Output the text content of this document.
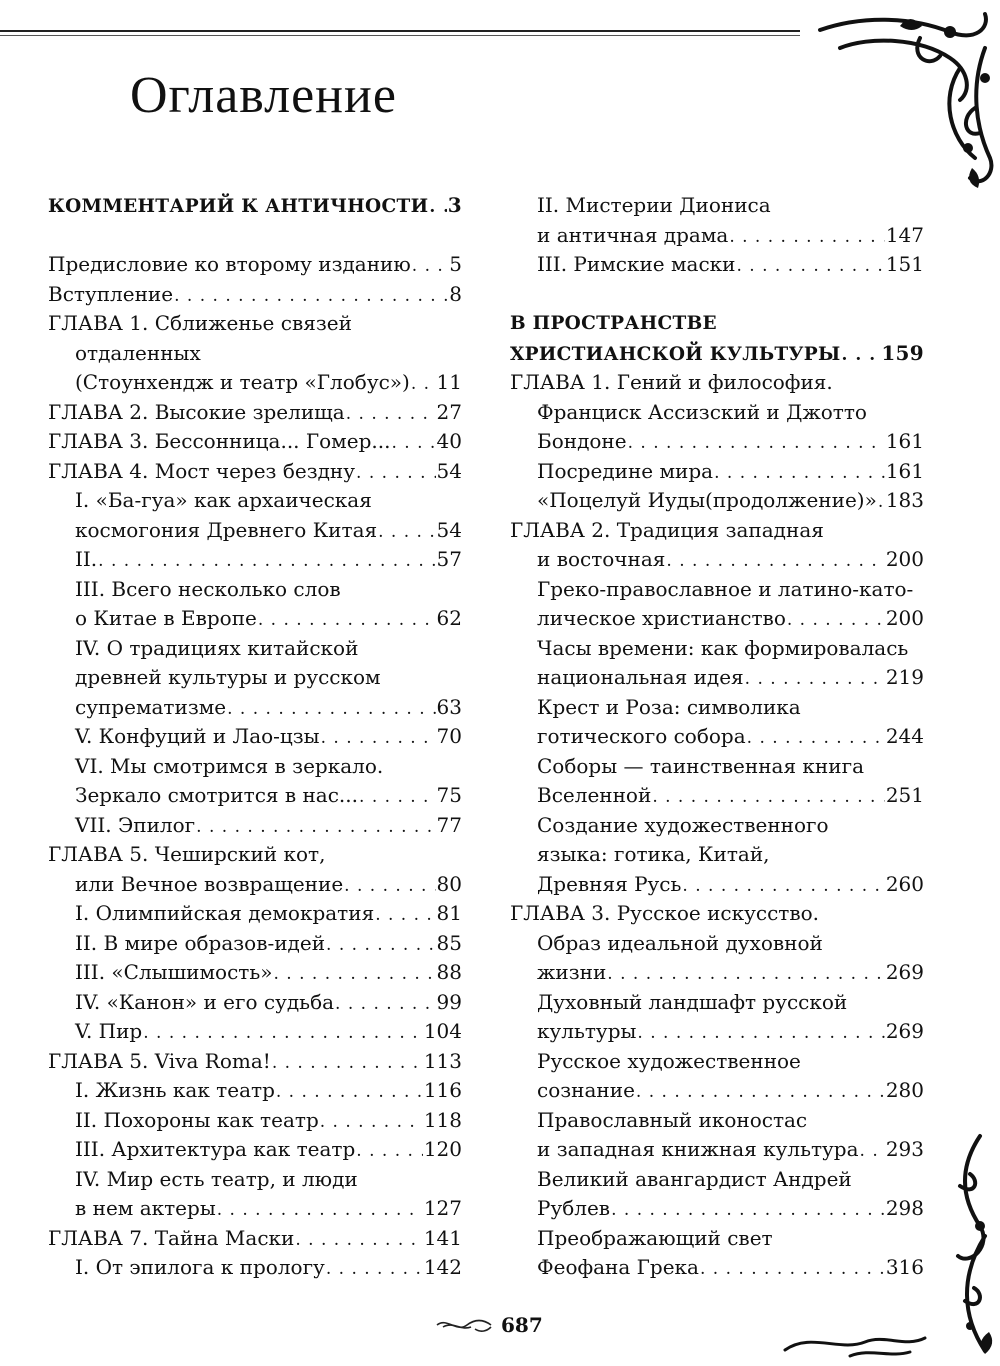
Оглавление
КОММЕНТАРИЙ К АНТИЧНОСТИ . . . 3
Предисловие ко второму изданию . . . 5
Вступление . . .	8
ГЛАВА 1. Сближенье связей
отдаленных
(Стоунхендж и театр «Глобус») . . . 11
ГЛАВА 2. Высокие зрелища . . .	27
ГЛАВА 3. Бессонница... Гомер... . . . 40
ГЛАВА 4. Мост через бездну . . .	54
I. «Ба-гуа» как архаическая
космогония Древнего Китая . . .	54
II. . . .	57
III. Всего несколько слов
о Китае в Европе . . .	62
IV. О традициях китайской
древней культуры и русском
супрематизме . . .	63
V. Конфуций и Лао-цзы . . .	70
VI. Мы смотримся в зеркало.
Зеркало смотрится в нас... . . .	75
VII. Эпилог . . .	77
ГЛАВА 5. Чеширский кот,
или Вечное возвращение . . .	80
I. Олимпийская демократия . . .	81
II. В мире образов-идей . . .	85
III. «Слышимость» . . .	88
IV. «Канон» и его судьба . . .	99
V. Пир . . .	104
ГЛАВА 5. Viva Roma! . . .	113
I. Жизнь как театр . . .	116
II. Похороны как театр . . .	118
III. Архитектура как театр . . .	120
IV. Мир есть театр, и люди
в нем актеры . . .	127
ГЛАВА 7. Тайна Маски . . .	141
I. От эпилога к прологу . . .	142
II. Мистерии Диониса
и античная драма . . .	147
III. Римские маски . . .	151
В ПРОСТРАНСТВЕ
ХРИСТИАНСКОЙ КУЛЬТУРЫ . . . 159
ГЛАВА 1. Гений и философия.
Франциск Ассизский и Джотто
Бондоне . . .	161
Посредине мира . . .	161
«Поцелуй Иуды(продолжение)» . . . 183
ГЛАВА 2. Традиция западная
и восточная . . .	200
Греко-православное и латино-като-
лическое христианство . . .	200
Часы времени: как формировалась
национальная идея . . .	219
Крест и Роза: символика
готического собора . . .	244
Соборы — таинственная книга
Вселенной . . .	251
Создание художественного
языка: готика, Китай,
Древняя Русь . . .	260
ГЛАВА 3. Русское искусство.
Образ идеальной духовной
жизни . . .	269
Духовный ландшафт русской
культуры . . .	269
Русское художественное
сознание . . .	280
Православный иконостас
и западная книжная культура . . . 293
Великий авангардист Андрей
Рублев . . .	298
Преображающий свет
Феофана Грека . . .	316
687
